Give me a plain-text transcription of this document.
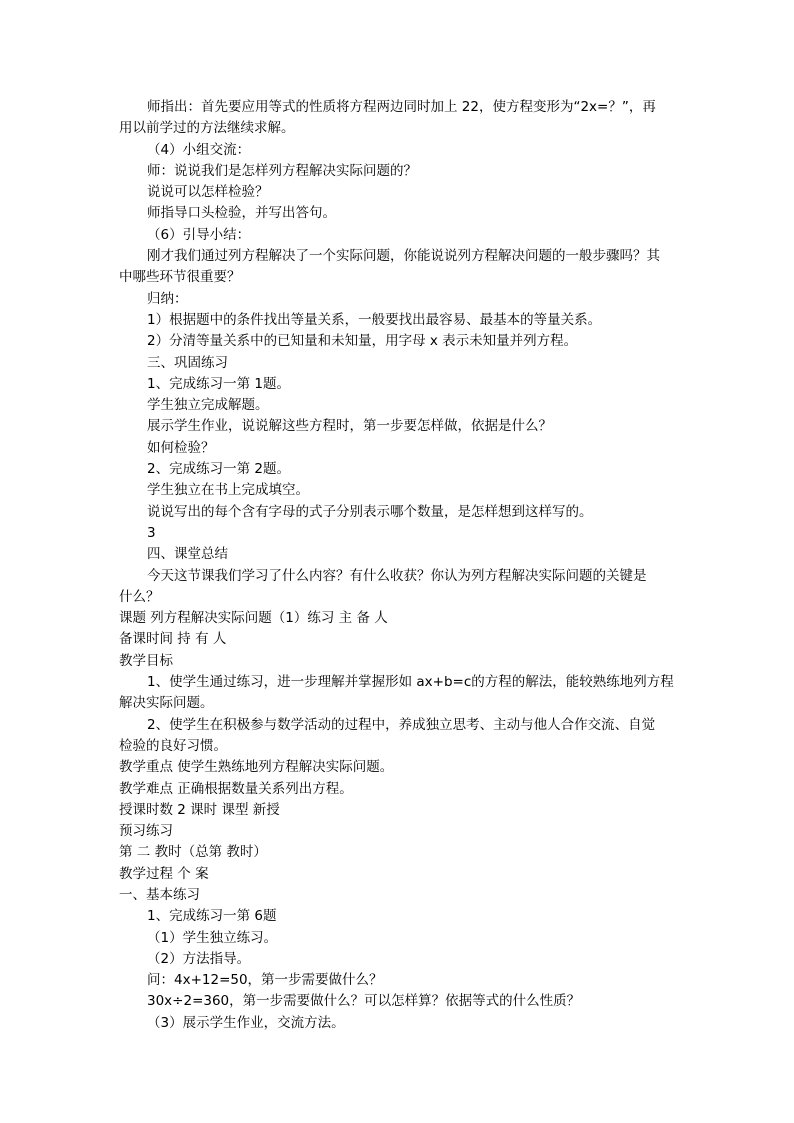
师指出：首先要应用等式的性质将方程两边同时加上 22，使方程变形为“2x=？”，再
用以前学过的方法继续求解。
（4）小组交流：
师：说说我们是怎样列方程解决实际问题的？
说说可以怎样检验？
师指导口头检验，并写出答句。
（6）引导小结：
刚才我们通过列方程解决了一个实际问题，你能说说列方程解决问题的一般步骤吗？其
中哪些环节很重要？
归纳：
1）根据题中的条件找出等量关系，一般要找出最容易、最基本的等量关系。
2）分清等量关系中的已知量和未知量，用字母 x 表示未知量并列方程。
三、巩固练习
1、完成练习一第 1题。
学生独立完成解题。
展示学生作业，说说解这些方程时，第一步要怎样做，依据是什么？
如何检验？
2、完成练习一第 2题。
学生独立在书上完成填空。
说说写出的每个含有字母的式子分别表示哪个数量，是怎样想到这样写的。
3
四、课堂总结
今天这节课我们学习了什么内容？有什么收获？你认为列方程解决实际问题的关键是
什么？
课题 列方程解决实际问题（1）练习 主 备 人
备课时间 持 有 人
教学目标
1、使学生通过练习，进一步理解并掌握形如 ax+b=c的方程的解法，能较熟练地列方程
解决实际问题。
2、使学生在积极参与数学活动的过程中，养成独立思考、主动与他人合作交流、自觉
检验的良好习惯。
教学重点 使学生熟练地列方程解决实际问题。
教学难点 正确根据数量关系列出方程。
授课时数 2 课时 课型 新授
预习练习
第 二 教时（总第 教时）
教学过程 个 案
一、基本练习
1、完成练习一第 6题
（1）学生独立练习。
（2）方法指导。
问：4x+12=50，第一步需要做什么？
30x÷2=360，第一步需要做什么？可以怎样算？依据等式的什么性质？
（3）展示学生作业，交流方法。
